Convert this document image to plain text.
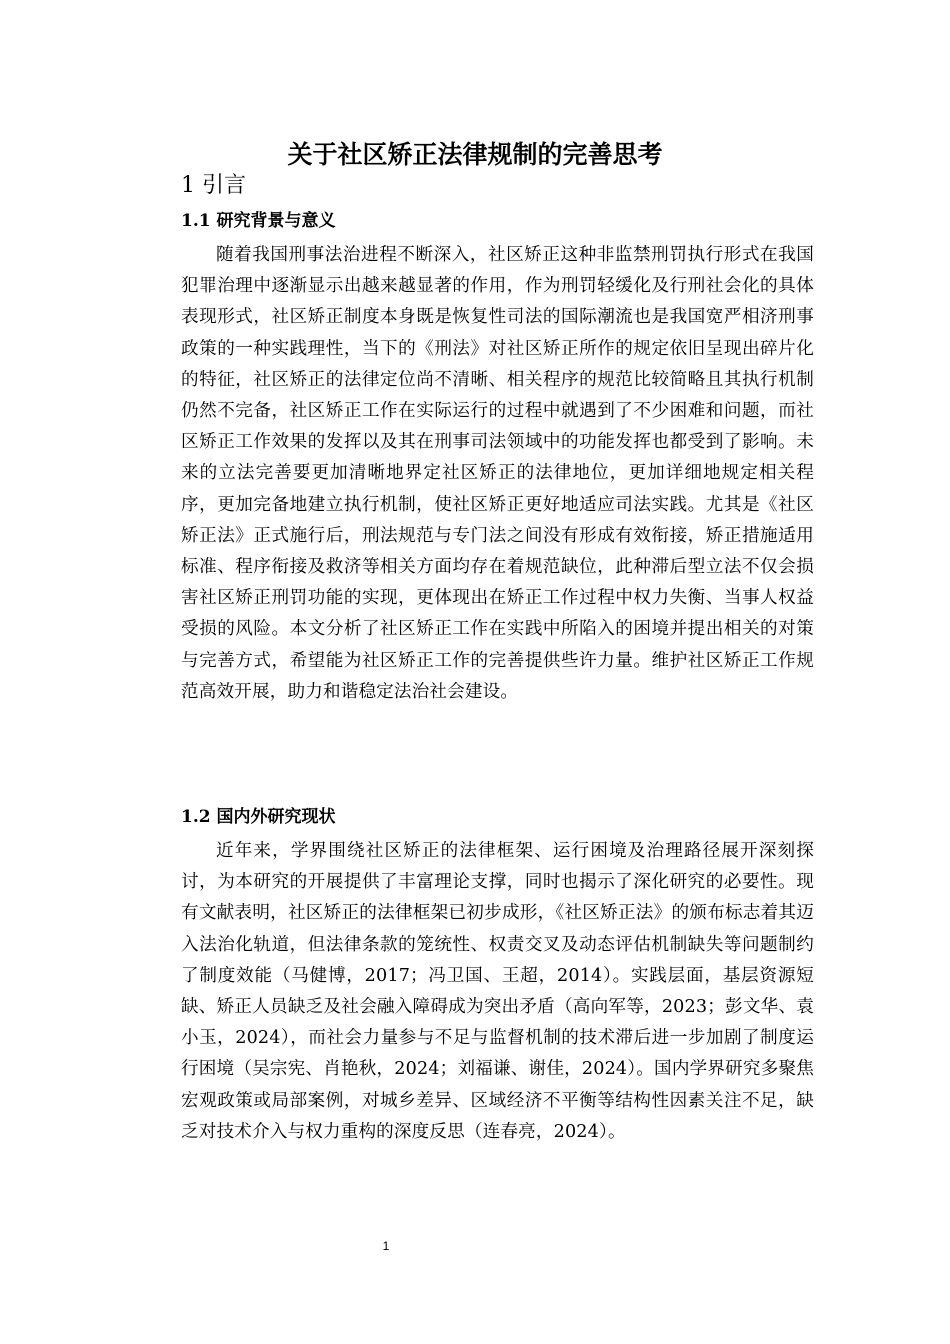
关于社区矫正法律规制的完善思考
1 引言
1.1 研究背景与意义

随着我国刑事法治进程不断深入，社区矫正这种非监禁刑罚执行形式在我国犯罪治理中逐渐显示出越来越显著的作用，作为刑罚轻缓化及行刑社会化的具体表现形式，社区矫正制度本身既是恢复性司法的国际潮流也是我国宽严相济刑事政策的一种实践理性，当下的《刑法》对社区矫正所作的规定依旧呈现出碎片化的特征，社区矫正的法律定位尚不清晰、相关程序的规范比较简略且其执行机制仍然不完备，社区矫正工作在实际运行的过程中就遇到了不少困难和问题，而社区矫正工作效果的发挥以及其在刑事司法领域中的功能发挥也都受到了影响。未来的立法完善要更加清晰地界定社区矫正的法律地位，更加详细地规定相关程序，更加完备地建立执行机制，使社区矫正更好地适应司法实践。尤其是《社区矫正法》正式施行后，刑法规范与专门法之间没有形成有效衔接，矫正措施适用标准、程序衔接及救济等相关方面均存在着规范缺位，此种滞后型立法不仅会损害社区矫正刑罚功能的实现，更体现出在矫正工作过程中权力失衡、当事人权益受损的风险。本文分析了社区矫正工作在实践中所陷入的困境并提出相关的对策与完善方式，希望能为社区矫正工作的完善提供些许力量。维护社区矫正工作规范高效开展，助力和谐稳定法治社会建设。

1.2 国内外研究现状

近年来，学界围绕社区矫正的法律框架、运行困境及治理路径展开深刻探讨，为本研究的开展提供了丰富理论支撑，同时也揭示了深化研究的必要性。现有文献表明，社区矫正的法律框架已初步成形，《社区矫正法》的颁布标志着其迈入法治化轨道，但法律条款的笼统性、权责交叉及动态评估机制缺失等问题制约了制度效能（马健博，2017；冯卫国、王超，2014）。实践层面，基层资源短缺、矫正人员缺乏及社会融入障碍成为突出矛盾（高向军等，2023；彭文华、袁小玉，2024），而社会力量参与不足与监督机制的技术滞后进一步加剧了制度运行困境（吴宗宪、肖艳秋，2024；刘福谦、谢佳，2024）。国内学界研究多聚焦宏观政策或局部案例，对城乡差异、区域经济不平衡等结构性因素关注不足，缺乏对技术介入与权力重构的深度反思（连春亮，2024）。

1
